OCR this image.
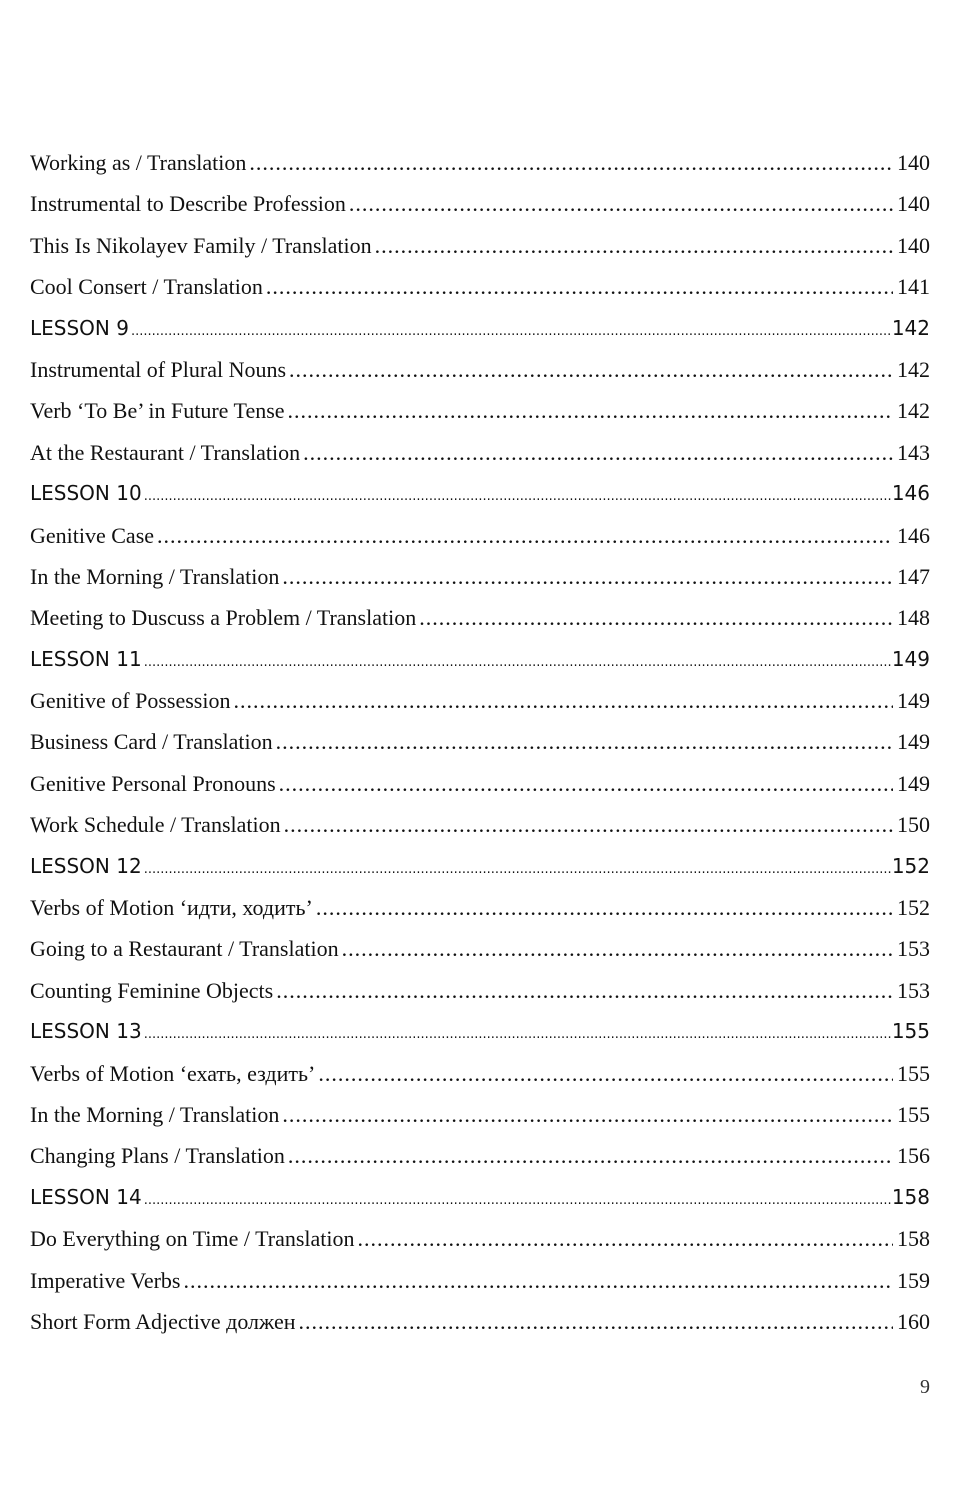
Working as / Translation .....	140
Instrumental to Describe Profession .....	140
This Is Nikolayev Family / Translation .....	140
Cool Consert / Translation .....	141
LESSON 9 .....	142
Instrumental of Plural Nouns .....	142
Verb ‘To Be’ in Future Tense .....	142
At the Restaurant / Translation .....	143
LESSON 10 .....	146
Genitive Case .....	146
In the Morning / Translation .....	147
Meeting to Duscuss a Problem / Translation .....	148
LESSON 11 .....	149
Genitive of Possession .....	149
Business Card / Translation .....	149
Genitive Personal Pronouns .....	149
Work Schedule / Translation .....	150
LESSON 12 .....	152
Verbs of Motion ‘идти, ходить’ .....	152
Going to a Restaurant / Translation .....	153
Counting Feminine Objects .....	153
LESSON 13 .....	155
Verbs of Motion ‘ехать, ездить’ .....	155
In the Morning / Translation .....	155
Changing Plans / Translation .....	156
LESSON 14 .....	158
Do Everything on Time / Translation .....	158
Imperative Verbs .....	159
Short Form Adjective должен .....	160
9
